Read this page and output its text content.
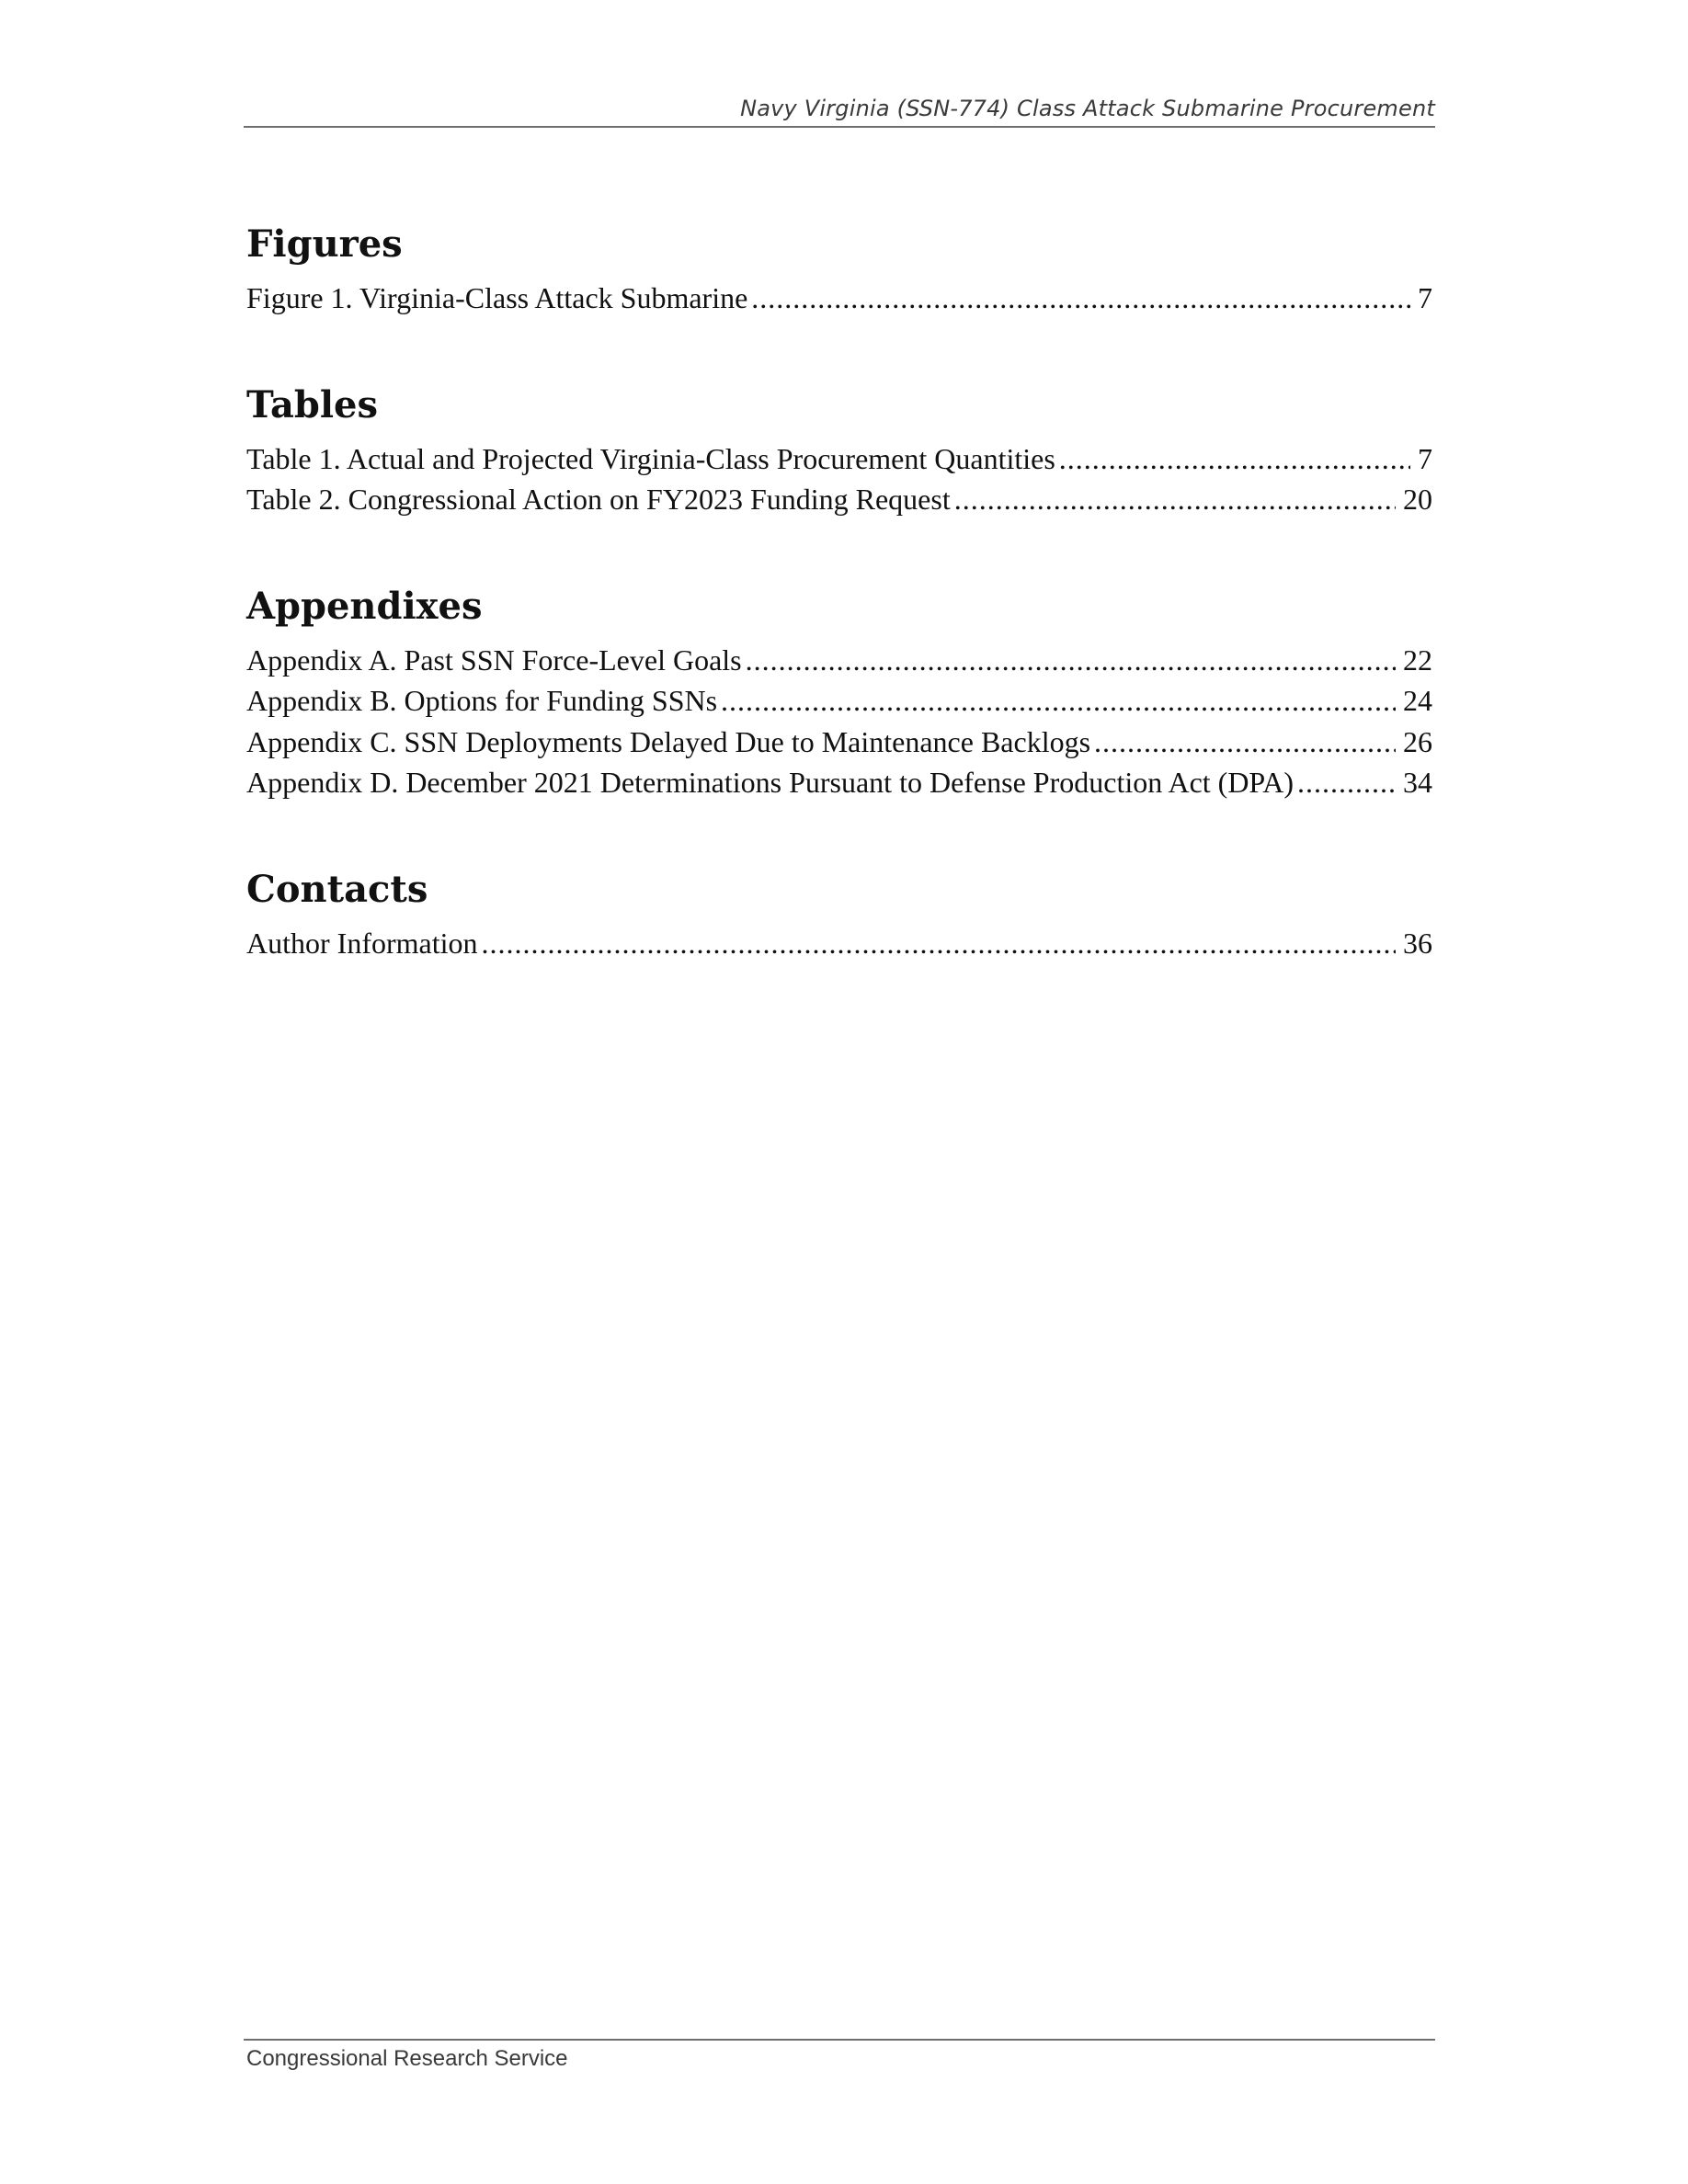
Navy Virginia (SSN-774) Class Attack Submarine Procurement
Figures
Figure 1. Virginia-Class Attack Submarine .....	7
Tables
Table 1. Actual and Projected Virginia-Class Procurement Quantities .....	7
Table 2. Congressional Action on FY2023 Funding Request .....	20
Appendixes
Appendix A. Past SSN Force-Level Goals .....	22
Appendix B. Options for Funding SSNs .....	24
Appendix C. SSN Deployments Delayed Due to Maintenance Backlogs .....	26
Appendix D. December 2021 Determinations Pursuant to Defense Production Act (DPA) .....	34
Contacts
Author Information .....	36
Congressional Research Service
